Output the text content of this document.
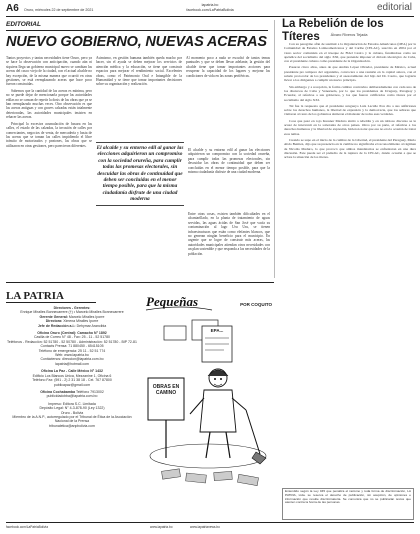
A6 Oruro, miércoles 22 de septiembre de 2021
lapatria.bo
facebook.com/LaPatriaBolivia	editorial
EDITORIAL
NUEVO GOBIERNO, NUEVAS ACERAS

Tantos proyectos y tantas necesidades tiene Oruro, pero ya se hace la observación con anticipación, cuando aún ni siquiera llega un gobierno municipal nuevo se cambian las aceras del casco viejo de la ciudad, con el actual alcalde no hay excepción, de la misma manera que ocurrió en otras gestiones, se está reemplazando aceras que hace poco fueron construidas.

Sabemos que la cantidad de las aceras es mínima, pero no se puede dejar de mencionarla porque las autoridades edilas no se cansan de repetir la dosis de las obras que ya se han reemplazado muchas veces. Otro observación es que las aceras antiguas y con graves calzadas están totalmente deterioradas, las autoridades municipales insisten en rehacer las aceras.

Principal la excesiva acumulación de basura en las calles, el estado de las calzadas, la invasión de calles por comerciantes, negocios de venta, de mercadería y hasta de las aceras que se toman las calles impidiendo el libre tránsito de motorizados y peatones, las obras que se utilizaron en otras gestiones, pero parecieron diferentes.

Asimismo, en gestión humana también queda mucho por hacer, sin el ayuda se deben mejorar los servicios de atención médica y la educación, se tiene que construir espacios para mejorar el rendimiento social. Excelentes obras, como el Patrimonio Oral e Intangible de la Humanidad y se tiene que tomar importantes decisiones sobre su organización y realización.

Al momento poco a nada se escuchó de tantos temas puntuales y que se deben llevar adelante, la gestión del alcalde tiene que tomar importantes acciones para recuperar la capacidad de los lugares y mejorar las condiciones de vida en las zonas periféricas.

El alcalde y su entorno edil al ganar las elecciones adquirieron un compromiso con la sociedad orureña, para cumplir todas las promesas electorales, sin descuidar las obras de continuidad que deben ser concluidas en el menor tiempo posible, para que la misma ciudadanía disfrute de una ciudad moderna

El alcalde y su entorno edil al ganar las elecciones adquirieron un compromiso con la sociedad orureña, para cumplir todas las promesas electorales, sin descuidar las obras de continuidad que deben ser concluidas en el menor tiempo posible, para que la misma ciudadanía disfrute de una ciudad moderna.

Entre otras cosas, existen también dificultades en el alcantarillado, en la planta de tratamiento de aguas servidas, las aguas ácidas de San José que vacía su contaminación al lago Uru Uru, se tienen infraestructuras que están como elefantes blancos, que no generan ningún beneficio para el municipio. En urgente que se logre de construir más aceras, las autoridades municipales atiendan otros necesidades con un plan sostenible y que responda a las necesidades de la población.

La Rebelión de los Títeres	Álvaro Riveros Tejada

Con su peregrino afán de sustituir a la Organización de Estados Americanos (OEA) por la Comunidad de Estados Latinoamericanos y del Caribe (CELAC), suscrito en 2004 por el vasto sector comunista en el trueque de Fidel Castro y la cubana, fundándose como un apéndice del socialismo del siglo XXI, que pretende imponer el dictado ideológico de Cuba, con el presidente cubano como presidente de la Organización.

Pasaron cinco años, antes de que Andrés López Obrador, presidente de México, actual presidente pro tempore del organismo, convocara a una reunión en la capital azteca, con el saludo protocolar de los presidentes y el asesoramiento del hijo del Dr. Castro, que lograría llevar a los dirigentes a cumplir un nuevo principio.

Sin embargo y a recepción, la forma cumbre contravino deliberadamente con cada uno de los discursos de Cuba y Venezuela, por lo que los presidentes de Uruguay, Paraguay y Ecuador, al referirse a sus gobiernos, y los que fueron calificados como títeres por el socialismo del siglo XXI.

Tal fue la respuesta que el presidente uruguayo Luis Lacalle Pou dio a sus anfitriones sobre los derechos humanos, la libertad de expresión y la democracia, que los señores que visitaron al resto de los gobiernos sintieron el malestar de todas esas verdades.

Cosa que pasó en rojo Kussner Maduro sintió a rebeldía y en un rabioso discurso se le acusó de intervenir en la soberanía de otros países. Otros por su parte, al referirse a los derechos humanos y la libertad de expresión, hicieron notar que esa no era la ocasión de tratar esos temas.

Cuando se supo en el inicio de la cumbre de la Libertad, el presidente del Paraguay, Mario Abdo Benítez, dijo que su presencia en la cumbre no significaba el reconocimiento al régimen de Nicolás Maduro, lo que provocó que ambos mandatarios se enfrentaran en una dura discusión. Este puede ser el preludio de la ruptura de la CELAC, dando ocasión a que se aclare la situación de los títeres.

Entendido según la Ley 045 que penaliza el racismo y toda forma de discriminación, LA PATRIA, Ltda. se reserva el derecho de publicación, sin acepción, de opiniones e información que resulte discriminatoria. Se comunica que no se publicarán textos que atenten contra la honra de las personas.
LA PATRIA
Directores - Gerentes:
Enrique Miralles Bonnecarrere (†) • Marcelo Miralles Bonnecarrere
Gerente General: Marcelo Miralles Iporre
Directora: Ximena Miralles Iporre
Jefe de Redacción a.i.: Dehymar Arancibia
Oficina Oruro (Central): Camacho N° 1892
Casilla de Correo N° 48 - Fax: 25 - 11 - 52 51780
Teléfonos - Redacción: 52 51780 - 52 50780 - Administración: 52 51780 - BIP 72-81
Contacts Prensa: 71 880450 - 65415105
Teléfono de emergencia: 25 11 - 52 51 774
Web: www.lapatria.bo
Contáctenos: direccion@lapatria.com.bo
lapatria@hotmail.com
Oficina La Paz - Calle México N° 1432
Edificio Los Blancos Unica, Mezzanine 1, Oficina 6
Teléfono Fax: (591 - 2) 2 31 38 18 - Cel. 767 87800
publicapaz@gmail.com
Oficina Cochabamba Teléfono 7913002
publicidadcbba@lapatria.com.bo
Impreso: Editora S.C. Limitada
Depósito Legal: N° 4-3-878-90 (Ley 1322)
Oruro - Bolivia
Miembro de la A.N.P., autorregulado por el Tribunal de Ética de la Asociación Nacional de la Prensa
tribunaletica@anpbolivia.com
Pequeñas	POR COQUITO
OBRAS EN CAMINO
EPA...
www.lapatria.bo	www.lapatrianews.bo
facebook.com/LaPatriaBolivia
